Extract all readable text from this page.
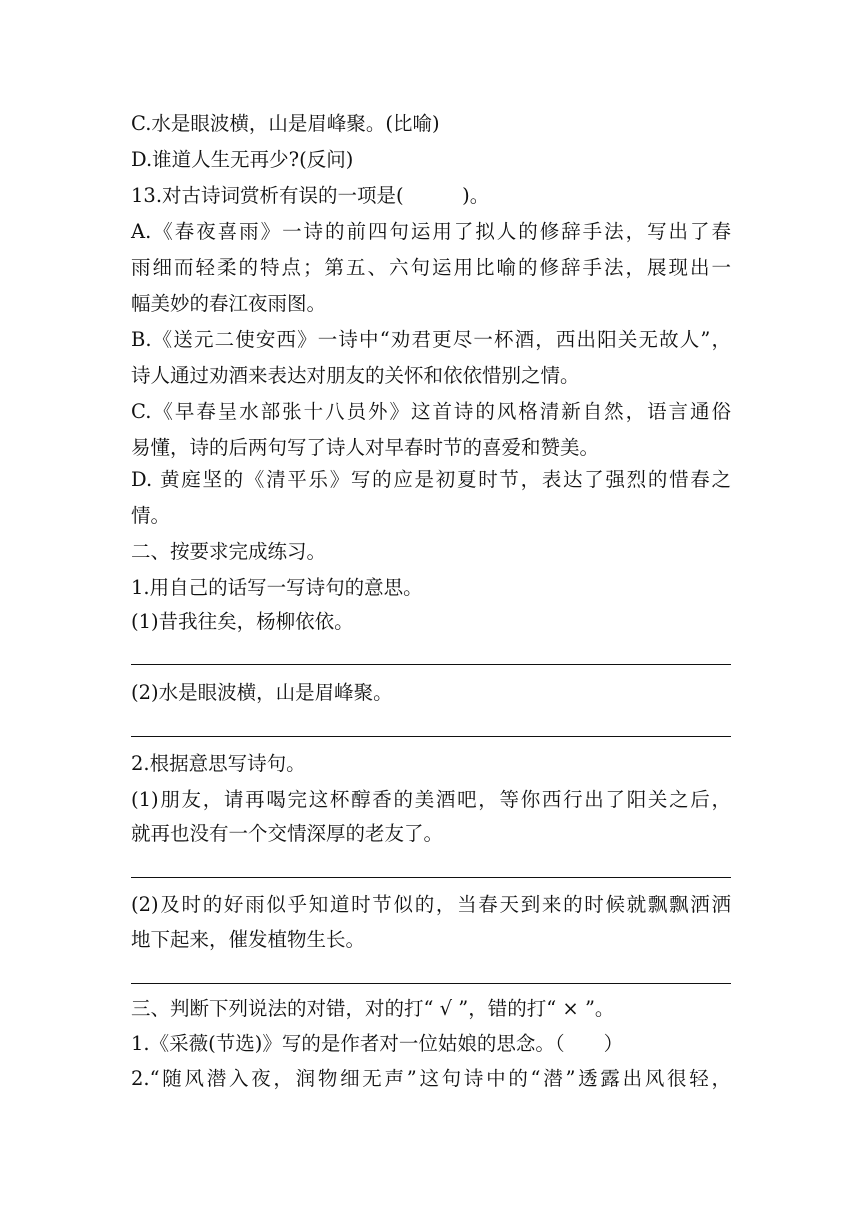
C.水是眼波横，山是眉峰聚。(比喻)
D.谁道人生无再少?(反问)
13.对古诗词赏析有误的一项是(　　　)。
A.《春夜喜雨》一诗的前四句运用了拟人的修辞手法，写出了春
雨细而轻柔的特点；第五、六句运用比喻的修辞手法，展现出一
幅美妙的春江夜雨图。
B.《送元二使安西》一诗中“劝君更尽一杯酒，西出阳关无故人”，
诗人通过劝酒来表达对朋友的关怀和依依惜别之情。
C.《早春呈水部张十八员外》这首诗的风格清新自然，语言通俗
易懂，诗的后两句写了诗人对早春时节的喜爱和赞美。
D. 黄庭坚的《清平乐》写的应是初夏时节，表达了强烈的惜春之
情。
二、按要求完成练习。
1.用自己的话写一写诗句的意思。
(1)昔我往矣，杨柳依依。
(2)水是眼波横，山是眉峰聚。
2.根据意思写诗句。
(1)朋友，请再喝完这杯醇香的美酒吧，等你西行出了阳关之后，
就再也没有一个交情深厚的老友了。
(2)及时的好雨似乎知道时节似的，当春天到来的时候就飘飘洒洒
地下起来，催发植物生长。
三、判断下列说法的对错，对的打“ √ ”，错的打“ × ”。
1.《采薇(节选)》写的是作者对一位姑娘的思念。（　　）
2.“随风潜入夜，润物细无声”这句诗中的“潜”透露出风很轻，
